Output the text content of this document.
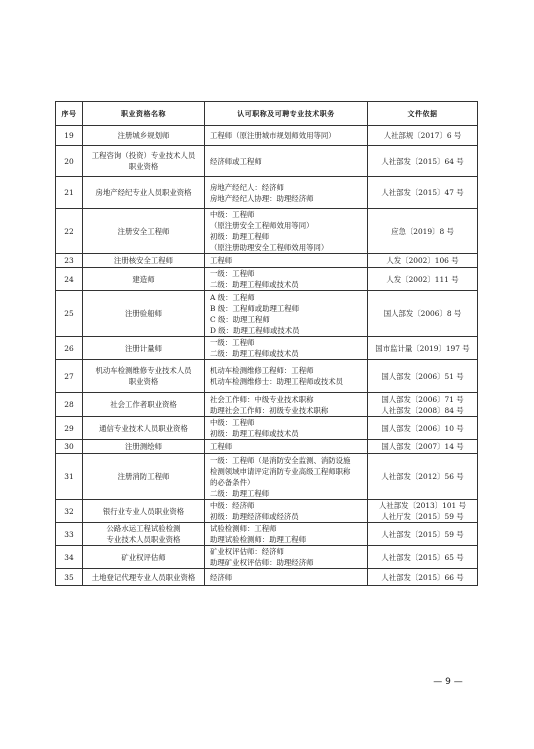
序号	职业资格名称	认可职称及可聘专业技术职务	文件依据
19	注册城乡规划师	工程师（原注册城市规划师效用等同）	人社部规〔2017〕6 号

20	工程咨询（投资）专业技术人员
职业资格	经济师或工程师	人社部发〔2015〕64 号

21	房地产经纪专业人员职业资格	房地产经纪人：经济师
房地产经纪人协理：助理经济师	人社部发〔2015〕47 号

22	注册安全工程师	中级：工程师
（原注册安全工程师效用等同）
初级：助理工程师
（原注册助理安全工程师效用等同）	应急〔2019〕8 号

23	注册核安全工程师	工程师	人发〔2002〕106 号

24	建造师	一级：工程师
二级：助理工程师或技术员	人发〔2002〕111 号

25	注册验船师	A 级：工程师
B 级：工程师或助理工程师
C 级：助理工程师
D 级：助理工程师或技术员	国人部发〔2006〕8 号

26	注册计量师	一级：工程师
二级：助理工程师或技术员	国市监计量〔2019〕197 号

27	机动车检测维修专业技术人员
职业资格	机动车检测维修工程师：工程师
机动车检测维修士：助理工程师或技术员	国人部发〔2006〕51 号

28	社会工作者职业资格	社会工作师：中级专业技术职称
助理社会工作师：初级专业技术职称	国人部发〔2006〕71 号
人社部发〔2008〕84 号

29	通信专业技术人员职业资格	中级：工程师
初级：助理工程师或技术员	国人部发〔2006〕10 号

30	注册测绘师	工程师	国人部发〔2007〕14 号

31	注册消防工程师	一级：工程师（是消防安全监测、消防设施
检测领域申请评定消防专业高级工程师职称
的必备条件）
二级：助理工程师	人社部发〔2012〕56 号

32	银行业专业人员职业资格	中级：经济师
初级：助理经济师或经济员	人社部发〔2013〕101 号
人社厅发〔2015〕59 号

33	公路水运工程试验检测
专业技术人员职业资格	试验检测师：工程师
助理试验检测师：助理工程师	人社部发〔2015〕59 号

34	矿业权评估师	矿业权评估师：经济师
助理矿业权评估师：助理经济师	人社部发〔2015〕65 号

35	土地登记代理专业人员职业资格	经济师	人社部发〔2015〕66 号
— 9 —
